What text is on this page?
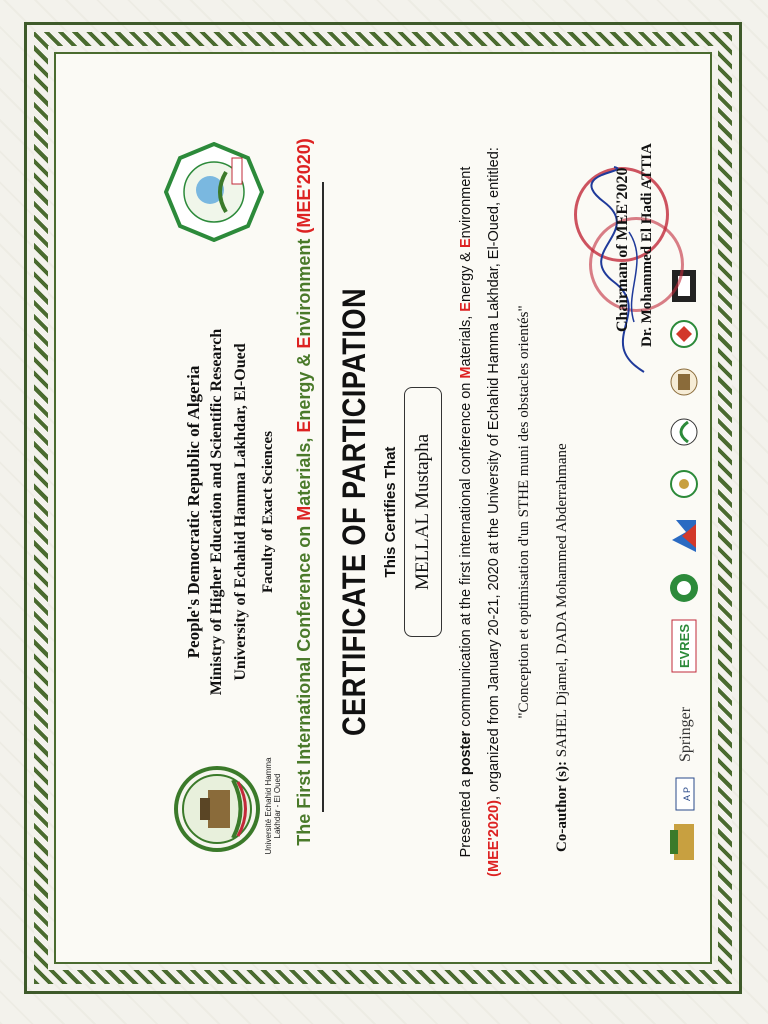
Université Echahid Hamma Lakhdar - El Oued
People's Democratic Republic of Algeria Ministry of Higher Education and Scientific Research University of Echahid Hamma Lakhdar, El-Oued Faculty of Exact Sciences
The First International Conference on Materials, Energy & Environment (MEE'2020)
CERTIFICATE OF PARTICIPATION This Certifies That MELLAL Mustapha
Presented a poster communication at the first international conference on Materials, Energy & Environment
(MEE'2020), organized from January 20-21, 2020 at the University of Echahid Hamma Lakhdar, El-Oued, entitled: "Conception et optimisation d'un STHE muni des obstacles orientés"
Co-author (s): SAHEL Djamel, DADA Mohammed Abderrahmane
A P
Springer
EVRES
Chairman of MEE'2020 Dr. Mohammed El Hadi ATTIA
